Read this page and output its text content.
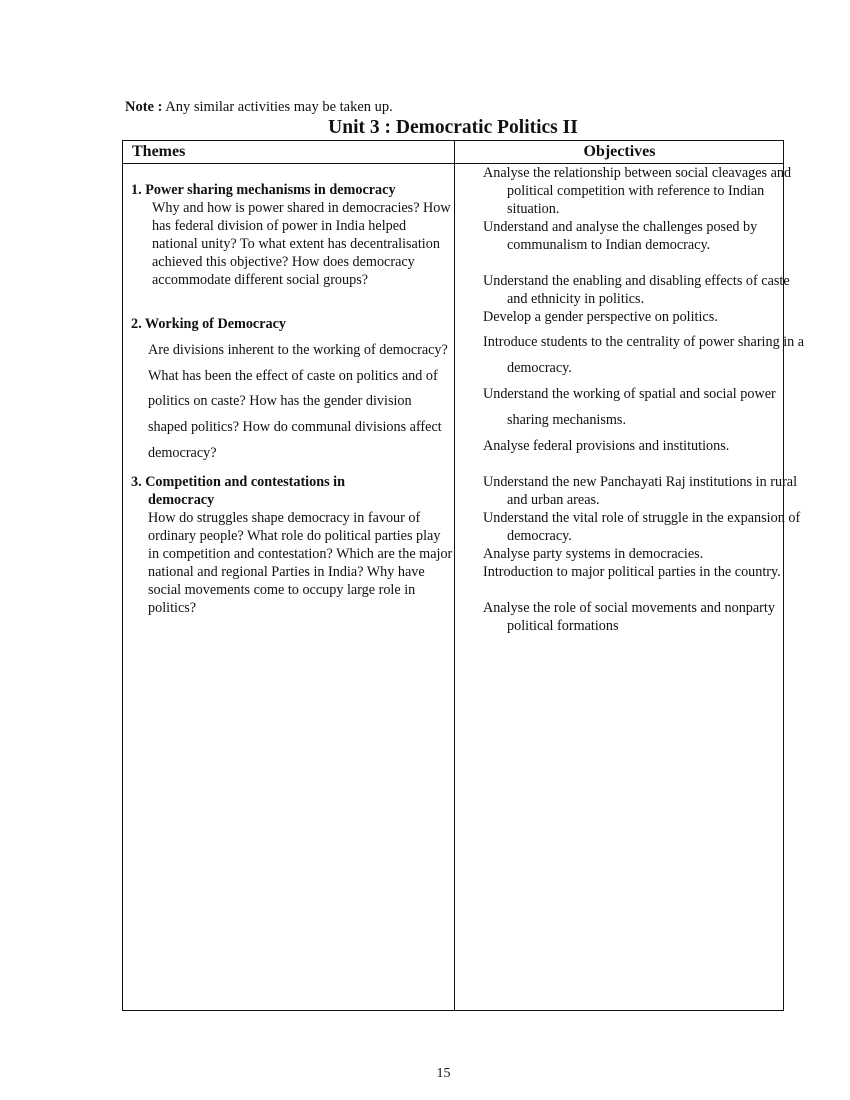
Note : Any similar activities may be taken up.
Unit 3 : Democratic Politics II
Themes	Objectives
1. Power sharing mechanisms in democracy
Why and how is power shared in democracies? How has federal division of power in India helped national unity? To what extent has decentralisation achieved this objective? How does democracy accommodate different social groups?
2. Working of Democracy
Are divisions inherent to the working of democracy? What has been the effect of caste on politics and of politics on caste? How has the gender division shaped politics? How do communal divisions affect democracy?
3. Competition and contestations in
democracy
How do struggles shape democracy in favour of ordinary people? What role do political parties play in competition and contestation? Which are the major national and regional Parties in India? Why have social movements come to occupy large role in politics?
Analyse the relationship between social cleavages and political competition with reference to Indian situation.
Understand and analyse the challenges posed by communalism to Indian democracy.
Understand the enabling and disabling effects of caste and ethnicity in politics.
Develop a gender perspective on politics.
Introduce students to the centrality of power sharing in a democracy.
Understand the working of spatial and social power sharing mechanisms.
Analyse federal provisions and institutions.
Understand the new Panchayati Raj institutions in rural and urban areas.
Understand the vital role of struggle in the expansion of democracy.
Analyse party systems in democracies.
Introduction to major political parties in the country.
Analyse the role of social movements and nonparty political formations
15
